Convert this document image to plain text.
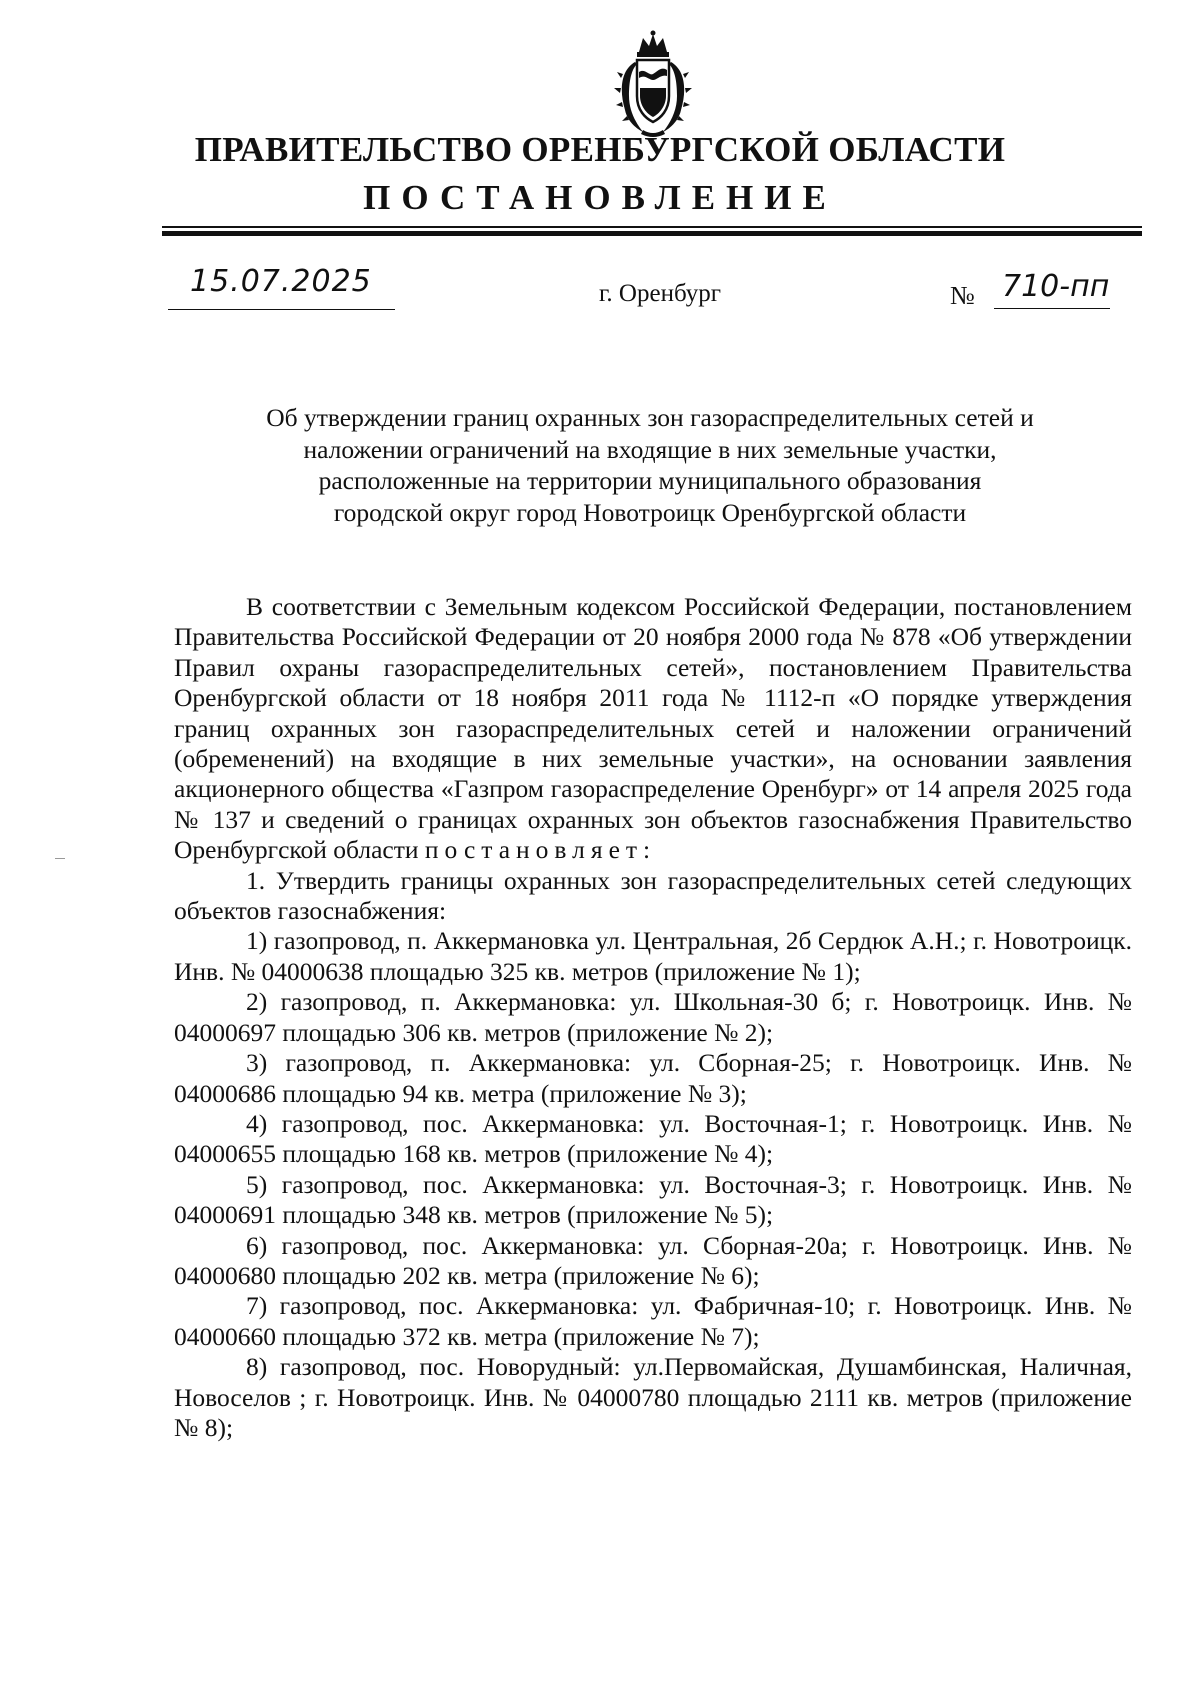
ПРАВИТЕЛЬСТВО ОРЕНБУРГСКОЙ ОБЛАСТИ
ПОСТАНОВЛЕНИЕ
15.07.2025	г. Оренбург	№ 710-пп
Об утверждении границ охранных зон газораспределительных сетей и
наложении ограничений на входящие в них земельные участки,
расположенные на территории муниципального образования
городской округ город Новотроицк Оренбургской области

В соответствии с Земельным кодексом Российской Федерации, постановлением Правительства Российской Федерации от 20 ноября 2000 года № 878 «Об утверждении Правил охраны газораспределительных сетей», постановлением Правительства Оренбургской области от 18 ноября 2011 года № 1112-п «О порядке утверждения границ охранных зон газораспределительных сетей и наложении ограничений (обременений) на входящие в них земельные участки», на основании заявления акционерного общества «Газпром газораспределение Оренбург» от 14 апреля 2025 года № 137 и сведений о границах охранных зон объектов газоснабжения Правительство Оренбургской области постановляет:

1. Утвердить границы охранных зон газораспределительных сетей следующих объектов газоснабжения:

1) газопровод, п. Аккермановка ул. Центральная, 2б Сердюк А.Н.; г. Новотроицк. Инв. № 04000638 площадью 325 кв. метров (приложение № 1);

2) газопровод, п. Аккермановка: ул. Школьная-30 б; г. Новотроицк. Инв. № 04000697 площадью 306 кв. метров (приложение № 2);

3) газопровод, п. Аккермановка: ул. Сборная-25; г. Новотроицк. Инв. № 04000686 площадью 94 кв. метра (приложение № 3);

4) газопровод, пос. Аккермановка: ул. Восточная-1; г. Новотроицк. Инв. № 04000655 площадью 168 кв. метров (приложение № 4);

5) газопровод, пос. Аккермановка: ул. Восточная-3; г. Новотроицк. Инв. № 04000691 площадью 348 кв. метров (приложение № 5);

6) газопровод, пос. Аккермановка: ул. Сборная-20а; г. Новотроицк. Инв. № 04000680 площадью 202 кв. метра (приложение № 6);

7) газопровод, пос. Аккермановка: ул. Фабричная-10; г. Новотроицк. Инв. № 04000660 площадью 372 кв. метра (приложение № 7);

8) газопровод, пос. Новорудный: ул.Первомайская, Душамбинская, Наличная, Новоселов ; г. Новотроицк. Инв. № 04000780 площадью 2111 кв. метров (приложение № 8);
